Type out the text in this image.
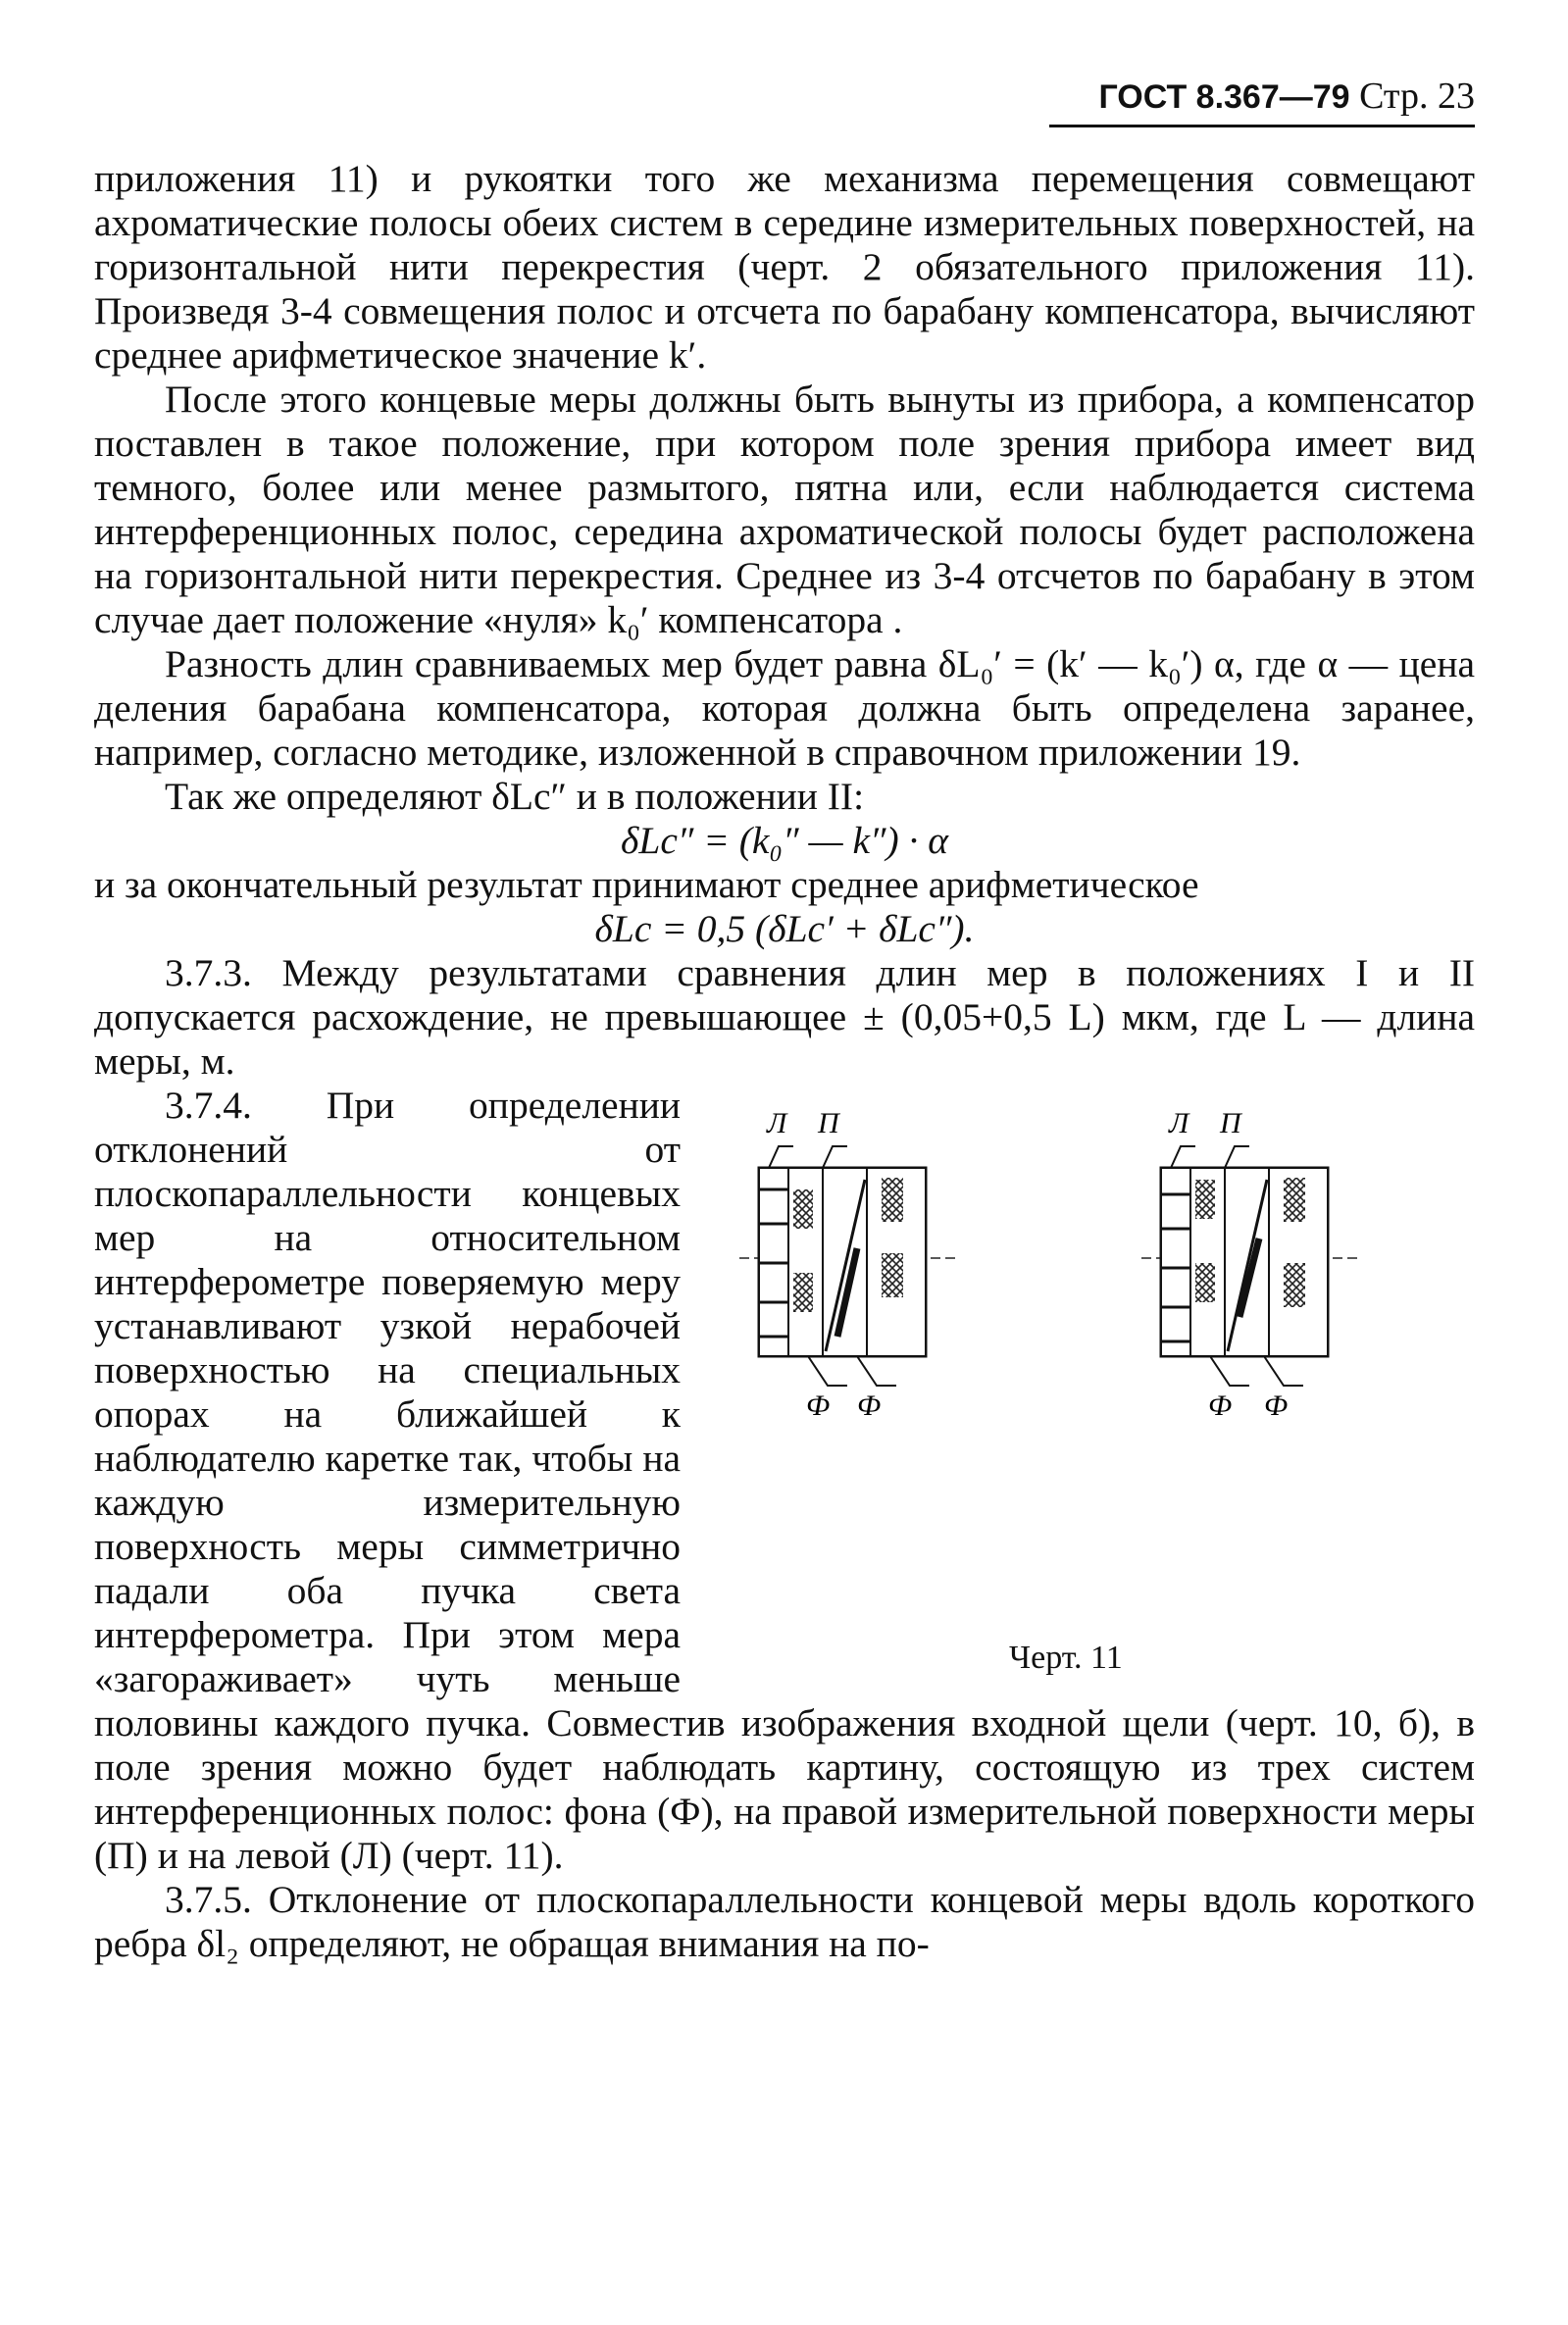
ГОСТ 8.367—79 Стр. 23

приложения 11) и рукоятки того же механизма перемещения совмещают ахроматические полосы обеих систем в середине измерительных поверхностей, на горизонтальной нити перекрестия (черт. 2 обязательного приложения 11). Произведя 3-4 совмещения полос и отсчета по барабану компенсатора, вычисляют среднее арифметическое значение k′.

После этого концевые меры должны быть вынуты из прибора, а компенсатор поставлен в такое положение, при котором поле зрения прибора имеет вид темного, более или менее размытого, пятна или, если наблюдается система интерференционных полос, середина ахроматической полосы будет расположена на горизонтальной нити перекрестия. Среднее из 3-4 отсчетов по барабану в этом случае дает положение «нуля» k₀′ компенсатора .

Разность длин сравниваемых мер будет равна δL₀′ = (k′ — k₀′) α, где α — цена деления барабана компенсатора, которая должна быть определена заранее, например, согласно методике, изложенной в справочном приложении 19.

Так же определяют δLс″ и в положении II:

δLс″ = (k₀″ — k″) · α

и за окончательный результат принимают среднее арифметическое

δLс = 0,5 (δLс′ + δLс″).

3.7.3. Между результатами сравнения длин мер в положениях I и II допускается расхождение, не превышающее ± (0,05+0,5 L) мкм, где L — длина меры, м.

Л П
Ф Ф
Л П
Ф Ф
Черт. 11

3.7.4. При определении отклонений от плоскопараллельности концевых мер на относительном интерферометре поверяемую меру устанавливают узкой нерабочей поверхностью на специальных опорах на ближайшей к наблюдателю каретке так, чтобы на каждую измерительную поверхность меры симметрично падали оба пучка света интерферометра. При этом мера «загораживает» чуть меньше половины каждого пучка. Совместив изображения входной щели (черт. 10, б), в поле зрения можно будет наблюдать картину, состоящую из трех систем интерференционных полос: фона (Ф), на правой измерительной поверхности меры (П) и на левой (Л) (черт. 11).

3.7.5. Отклонение от плоскопараллельности концевой меры вдоль короткого ребра δl₂ определяют, не обращая внимания на по-
